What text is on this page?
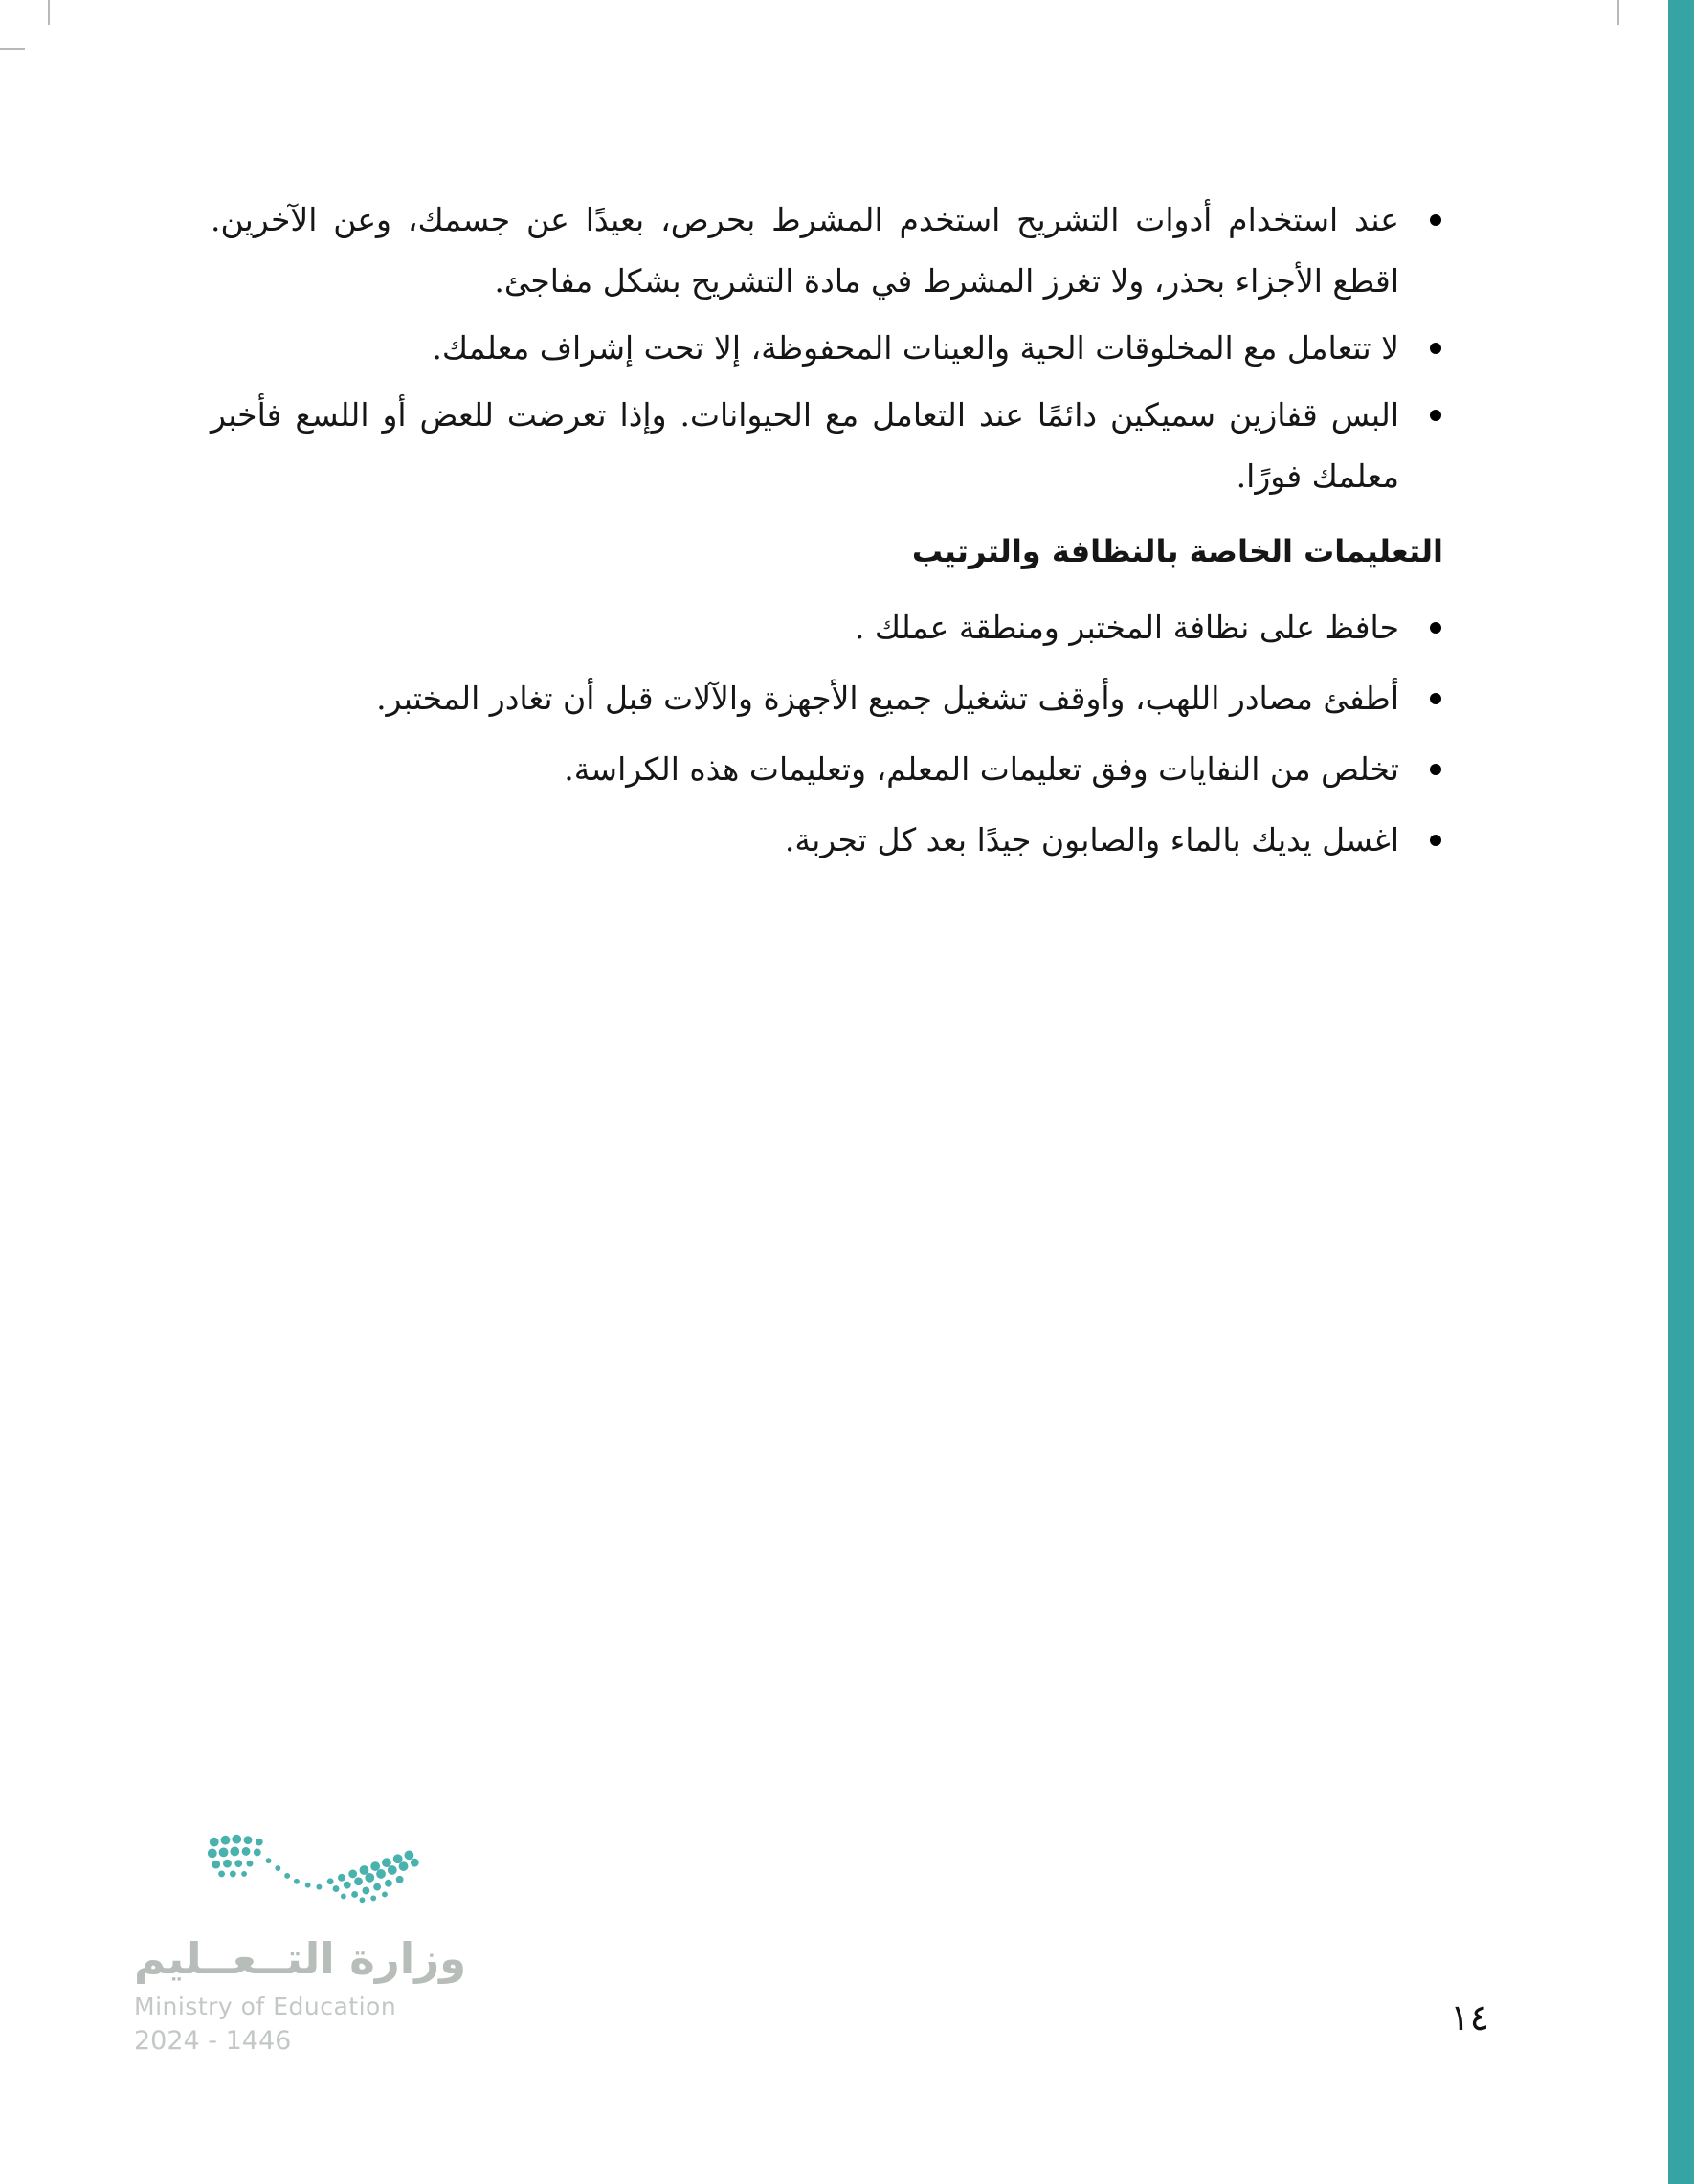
عند استخدام أدوات التشريح استخدم المشرط بحرص، بعيدًا عن جسمك، وعن الآخرين. اقطع الأجزاء بحذر، ولا تغرز المشرط في مادة التشريح بشكل مفاجئ.
لا تتعامل مع المخلوقات الحية والعينات المحفوظة، إلا تحت إشراف معلمك.
البس قفازين سميكين دائمًا عند التعامل مع الحيوانات. وإذا تعرضت للعض أو اللسع فأخبر معلمك فورًا.
التعليمات الخاصة بالنظافة والترتيب
حافظ على نظافة المختبر ومنطقة عملك .
أطفئ مصادر اللهب، وأوقف تشغيل جميع الأجهزة والآلات قبل أن تغادر المختبر.
تخلص من النفايات وفق تعليمات المعلم، وتعليمات هذه الكراسة.
اغسل يديك بالماء والصابون جيدًا بعد كل تجربة.
١٤
وزارة التــعــليم
Ministry of Education
2024 - 1446
